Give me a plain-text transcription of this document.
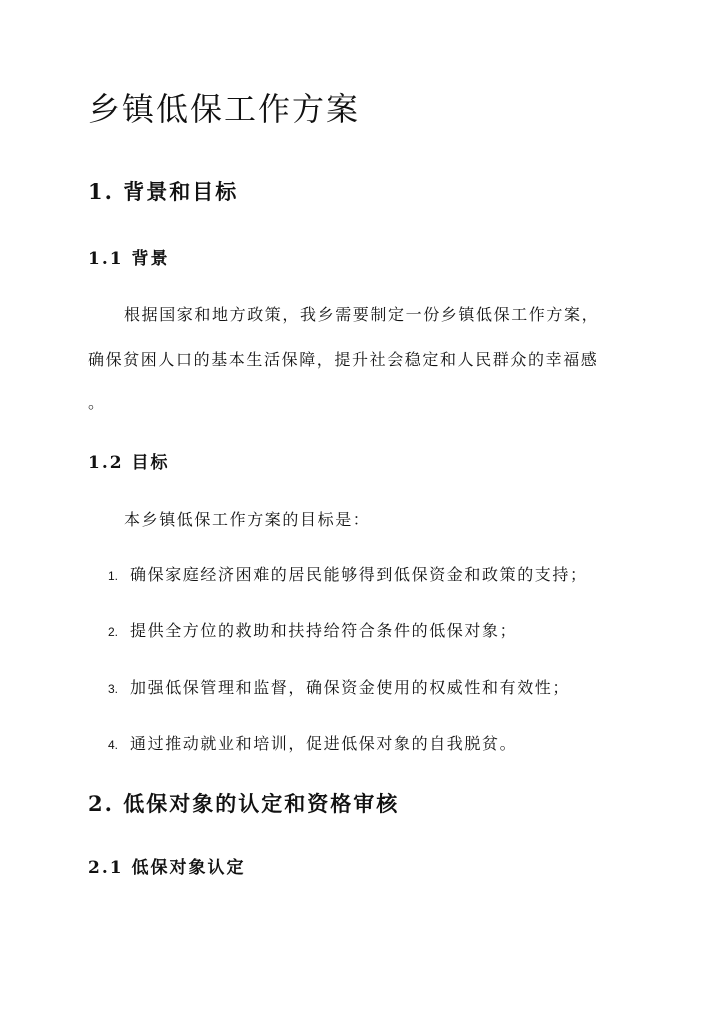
乡镇低保工作方案
1. 背景和目标
1.1 背景

根据国家和地方政策，我乡需要制定一份乡镇低保工作方案，

确保贫困人口的基本生活保障，提升社会稳定和人民群众的幸福感

。

1.2 目标

本乡镇低保工作方案的目标是：

1. 确保家庭经济困难的居民能够得到低保资金和政策的支持；
2. 提供全方位的救助和扶持给符合条件的低保对象；
3. 加强低保管理和监督，确保资金使用的权威性和有效性；
4. 通过推动就业和培训，促进低保对象的自我脱贫。
2. 低保对象的认定和资格审核
2.1 低保对象认定
